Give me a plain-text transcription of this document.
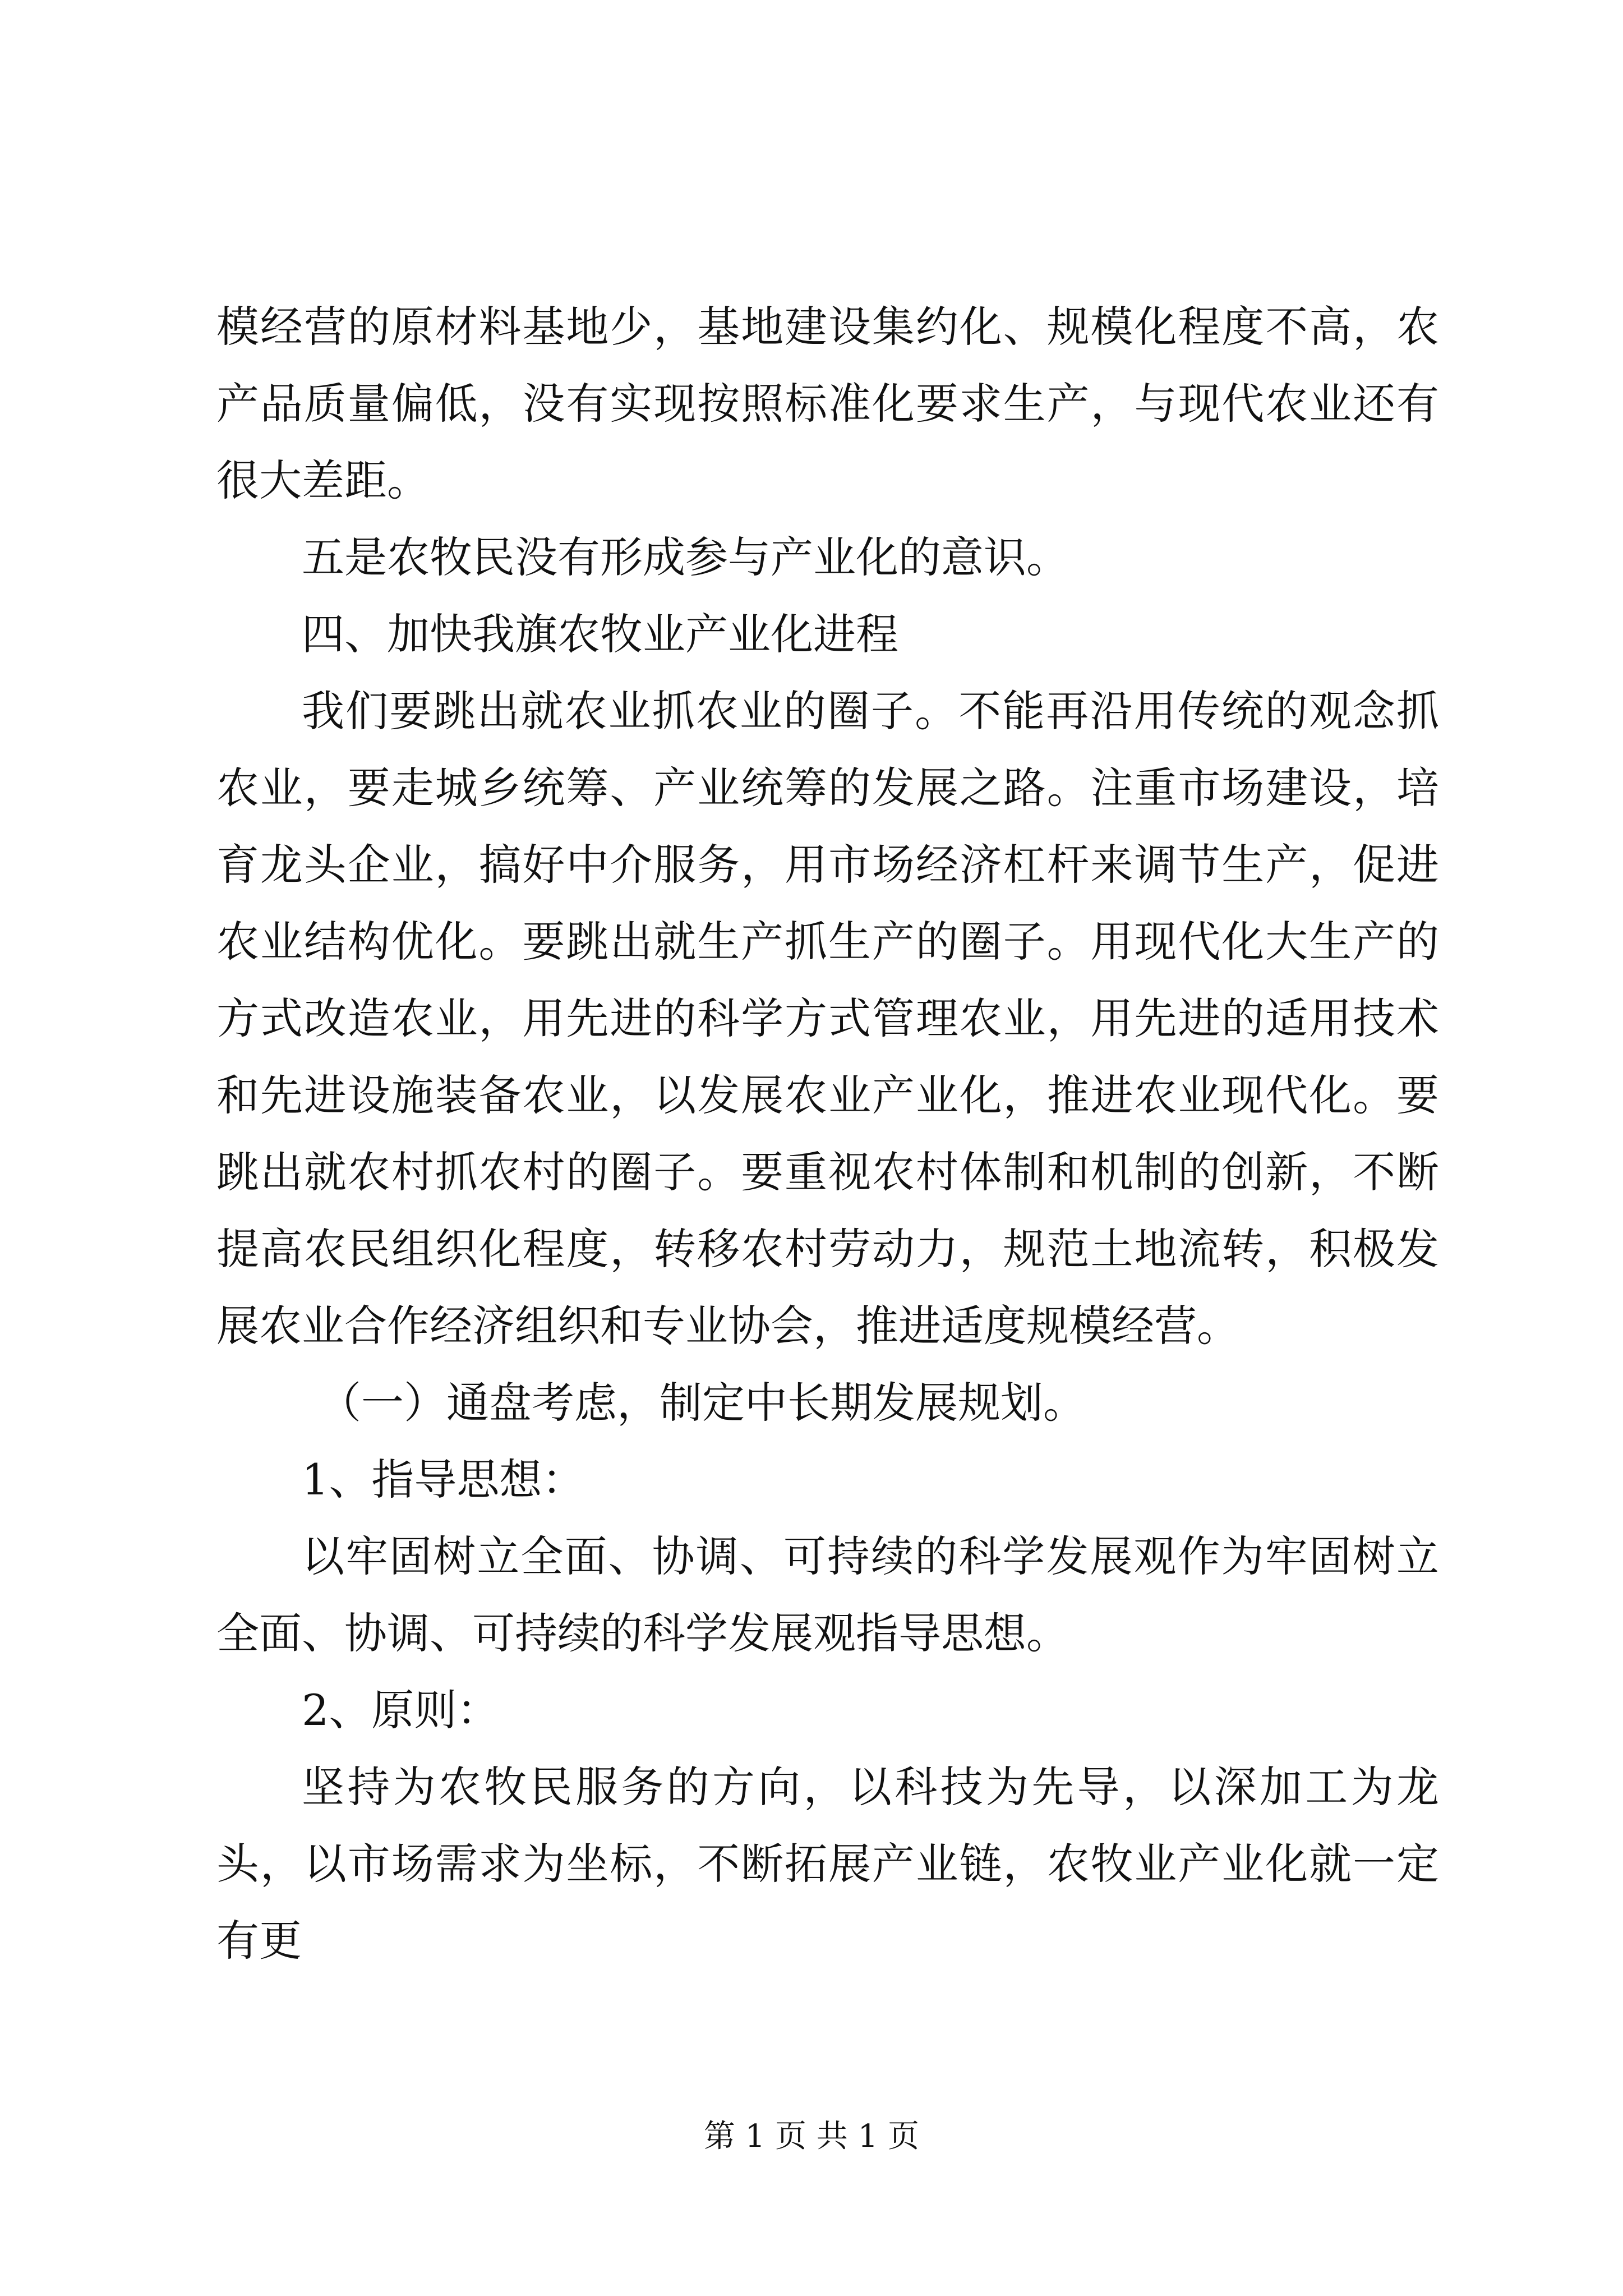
模经营的原材料基地少，基地建设集约化、规模化程度不高，农产品质量偏低，没有实现按照标准化要求生产，与现代农业还有很大差距。

五是农牧民没有形成参与产业化的意识。

四、加快我旗农牧业产业化进程

我们要跳出就农业抓农业的圈子。不能再沿用传统的观念抓农业，要走城乡统筹、产业统筹的发展之路。注重市场建设，培育龙头企业，搞好中介服务，用市场经济杠杆来调节生产，促进农业结构优化。要跳出就生产抓生产的圈子。用现代化大生产的方式改造农业，用先进的科学方式管理农业，用先进的适用技术和先进设施装备农业，以发展农业产业化，推进农业现代化。要跳出就农村抓农村的圈子。要重视农村体制和机制的创新，不断提高农民组织化程度，转移农村劳动力，规范土地流转，积极发展农业合作经济组织和专业协会，推进适度规模经营。

（一）通盘考虑，制定中长期发展规划。

1、指导思想：

以牢固树立全面、协调、可持续的科学发展观作为牢固树立全面、协调、可持续的科学发展观指导思想。

2、原则：

坚持为农牧民服务的方向，以科技为先导，以深加工为龙头，以市场需求为坐标，不断拓展产业链，农牧业产业化就一定有更

第 1 页 共 1 页
